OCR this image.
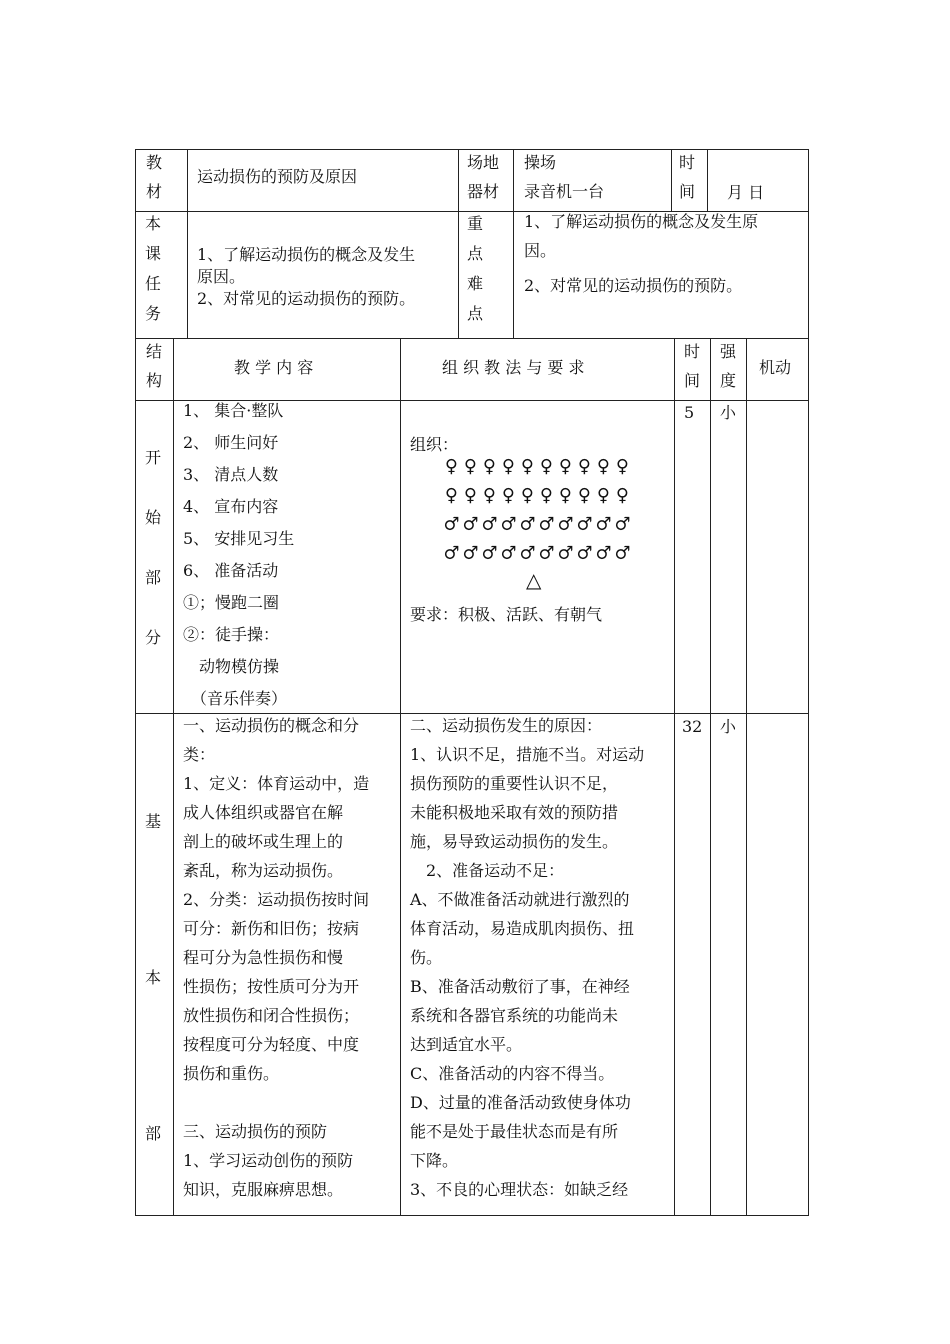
教
材
运动损伤的预防及原因
场地
器材
操场
录音机一台
时
间 月 日
本
课
任
务
1、了解运动损伤的概念及发生
原因。
2、对常见的运动损伤的预防。
重
点
难
点
1、了解运动损伤的概念及发生原
因。
2、对常见的运动损伤的预防。
结
构
教 学 内 容	组 织 教 法 与 要 求
时
间
强
度
机动
开
始
部
分
1、 集合·整队
2、 师生问好
3、 清点人数
4、 宣布内容
5、 安排见习生
6、 准备活动
①；慢跑二圈
②：徒手操：
　动物模仿操
　（音乐伴奏）
组织：
♀ ♀ ♀ ♀ ♀ ♀ ♀ ♀ ♀ ♀
♀ ♀ ♀ ♀ ♀ ♀ ♀ ♀ ♀ ♀
♂ ♂ ♂ ♂ ♂ ♂ ♂ ♂ ♂ ♂
♂ ♂ ♂ ♂ ♂ ♂ ♂ ♂ ♂ ♂
△
要求：积极、活跃、有朝气
5 小
基
本
部
一、运动损伤的概念和分
类：
1、定义：体育运动中，造
成人体组织或器官在解
剖上的破坏或生理上的
紊乱，称为运动损伤。
2、分类：运动损伤按时间
可分：新伤和旧伤；按病
程可分为急性损伤和慢
性损伤；按性质可分为开
放性损伤和闭合性损伤；
按程度可分为轻度、中度
损伤和重伤。
三、运动损伤的预防
1、学习运动创伤的预防
知识，克服麻痹思想。
二、运动损伤发生的原因：
1、认识不足，措施不当。对运动
损伤预防的重要性认识不足，
未能积极地采取有效的预防措
施，易导致运动损伤的发生。
　2、准备运动不足：
A、不做准备活动就进行激烈的
体育活动，易造成肌肉损伤、扭
伤。
B、准备活动敷衍了事，在神经
系统和各器官系统的功能尚未
达到适宜水平。
C、准备活动的内容不得当。
D、过量的准备活动致使身体功
能不是处于最佳状态而是有所
下降。
3、不良的心理状态：如缺乏经
32 小
